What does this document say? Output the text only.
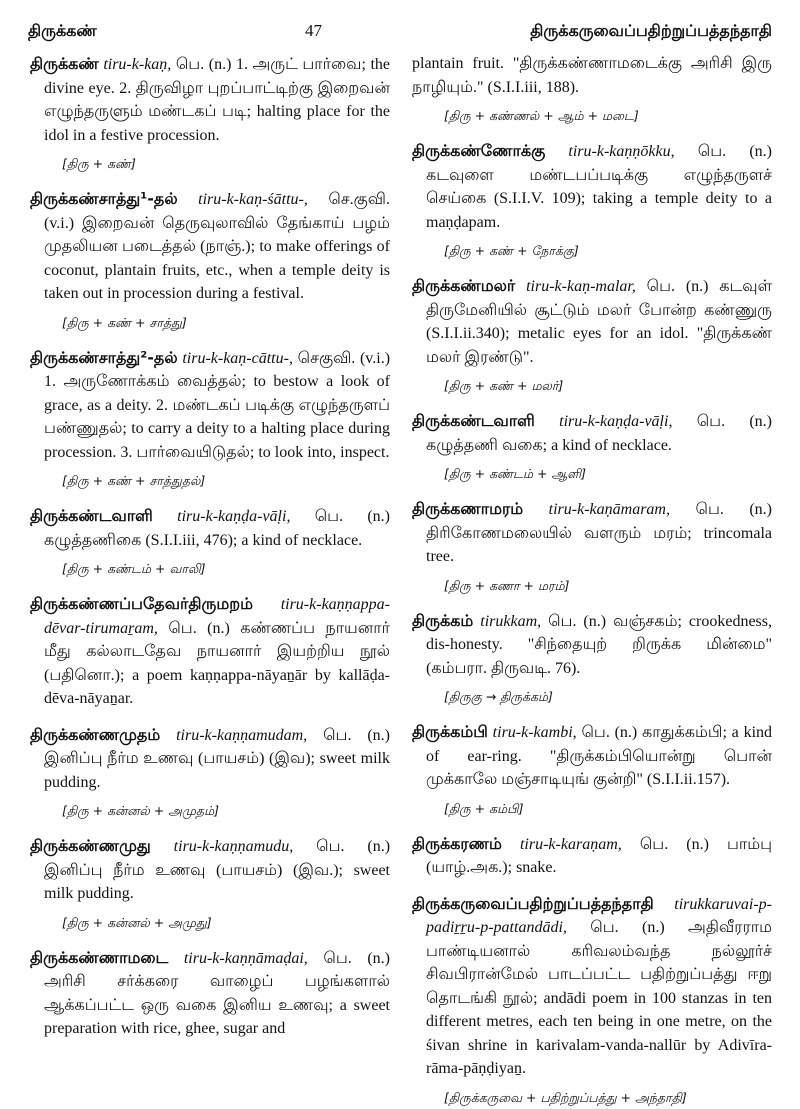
திருக்கண்	47	திருக்கருவைப்பதிற்றுப்பத்தந்தாதி
திருக்கண் tiru-k-kaṇ, பெ. (n.) 1. அருட் பார்வை; the divine eye. 2. திருவிழா புறப்பாட்டிற்கு இறைவன் எழுந்தருளும் மண்டகப் படி; halting place for the idol in a festive procession.
[திரு + கண்]
திருக்கண்சாத்து¹-தல் tiru-k-kaṇ-śāttu-, செ.குவி. (v.i.) இறைவன் தெருவுலாவில் தேங்காய் பழம் முதலியன படைத்தல் (நாஞ்.); to make offerings of coconut, plantain fruits, etc., when a temple deity is taken out in procession during a festival.
[திரு + கண் + சாத்து]
திருக்கண்சாத்து²-தல் tiru-k-kaṇ-cāttu-, செகுவி. (v.i.) 1. அருணோக்கம் வைத்தல்; to bestow a look of grace, as a deity. 2. மண்டகப் படிக்கு எழுந்தருளப் பண்ணுதல்; to carry a deity to a halting place during procession. 3. பார்வையிடுதல்; to look into, inspect.
[திரு + கண் + சாத்துதல்]
திருக்கண்டவாளி tiru-k-kaṇḍa-vāḷi, பெ. (n.) கழுத்தணிகை (S.I.I.iii, 476); a kind of necklace.
[திரு + கண்டம் + வாலி]
திருக்கண்ணப்பதேவர்திருமறம் tiru-k-kaṇṇappa-dēvar-tirumaṟam, பெ. (n.) கண்ணப்ப நாயனார் மீது கல்லாடதேவ நாயனார் இயற்றிய நூல் (பதினொ.); a poem kaṇṇappa-nāyaṉār by kallāḍa-dēva-nāyaṉar.
திருக்கண்ணமுதம் tiru-k-kaṇṇamudam, பெ. (n.) இனிப்பு நீர்ம உணவு (பாயசம்) (இவ); sweet milk pudding.
[திரு + கன்னல் + அமுதம்]
திருக்கண்ணமுது tiru-k-kaṇṇamudu, பெ. (n.) இனிப்பு நீர்ம உணவு (பாயசம்) (இவ.); sweet milk pudding.
[திரு + கன்னல் + அமுது]
திருக்கண்ணாமடை tiru-k-kaṇṇāmaḍai, பெ. (n.) அரிசி சர்க்கரை வாழைப் பழங்களால் ஆக்கப்பட்ட ஒரு வகை இனிய உணவு; a sweet preparation with rice, ghee, sugar and
plantain fruit. "திருக்கண்ணாமடைக்கு அரிசி இரு நாழியும்." (S.I.I.iii, 188).
[திரு + கண்ணல் + ஆம் + மடை]
திருக்கண்ணோக்கு tiru-k-kaṇṇōkku, பெ. (n.) கடவுளை மண்டபப்படிக்கு எழுந்தருளச் செய்கை (S.I.I.V. 109); taking a temple deity to a maṇḍapam.
[திரு + கண் + நோக்கு]
திருக்கண்மலர் tiru-k-kaṇ-malar, பெ. (n.) கடவுள் திருமேனியில் சூட்டும் மலர் போன்ற கண்ணுரு (S.I.I.ii.340); metalic eyes for an idol. "திருக்கண் மலர் இரண்டு".
[திரு + கண் + மலர்]
திருக்கண்டவாளி tiru-k-kaṇḍa-vāḷi, பெ. (n.) கழுத்தணி வகை; a kind of necklace.
[திரு + கண்டம் + ஆளி]
திருக்கணாமரம் tiru-k-kaṇāmaram, பெ. (n.) திரிகோணமலையில் வளரும் மரம்; trincomala tree.
[திரு + கணா + மரம்]
திருக்கம் tirukkam, பெ. (n.) வஞ்சகம்; crookedness, dis-honesty. "சிந்தையுற் றிருக்க மின்மை" (கம்பரா. திருவடி. 76).
[திருகு → திருக்கம்]
திருக்கம்பி tiru-k-kambi, பெ. (n.) காதுக்கம்பி; a kind of ear-ring. "திருக்கம்பியொன்று பொன் முக்காலே மஞ்சாடியுங் குன்றி" (S.I.I.ii.157).
[திரு + கம்பி]
திருக்கரணம் tiru-k-karaṇam, பெ. (n.) பாம்பு (யாழ்.அக.); snake.
திருக்கருவைப்பதிற்றுப்பத்தந்தாதி tirukkaruvai-p-padiṟṟu-p-pattandādi, பெ. (n.) அதிவீரராம பாண்டியனால் கரிவலம்வந்த நல்லூர்ச் சிவபிரான்மேல் பாடப்பட்ட பதிற்றுப்பத்து ஈறு தொடங்கி நூல்; andādi poem in 100 stanzas in ten different metres, each ten being in one metre, on the śivan shrine in karivalam-vanda-nallūr by Adivīra-rāma-pāṇḍiyaṉ.
[திருக்கருவை + பதிற்றுப்பத்து + அந்தாதி]
